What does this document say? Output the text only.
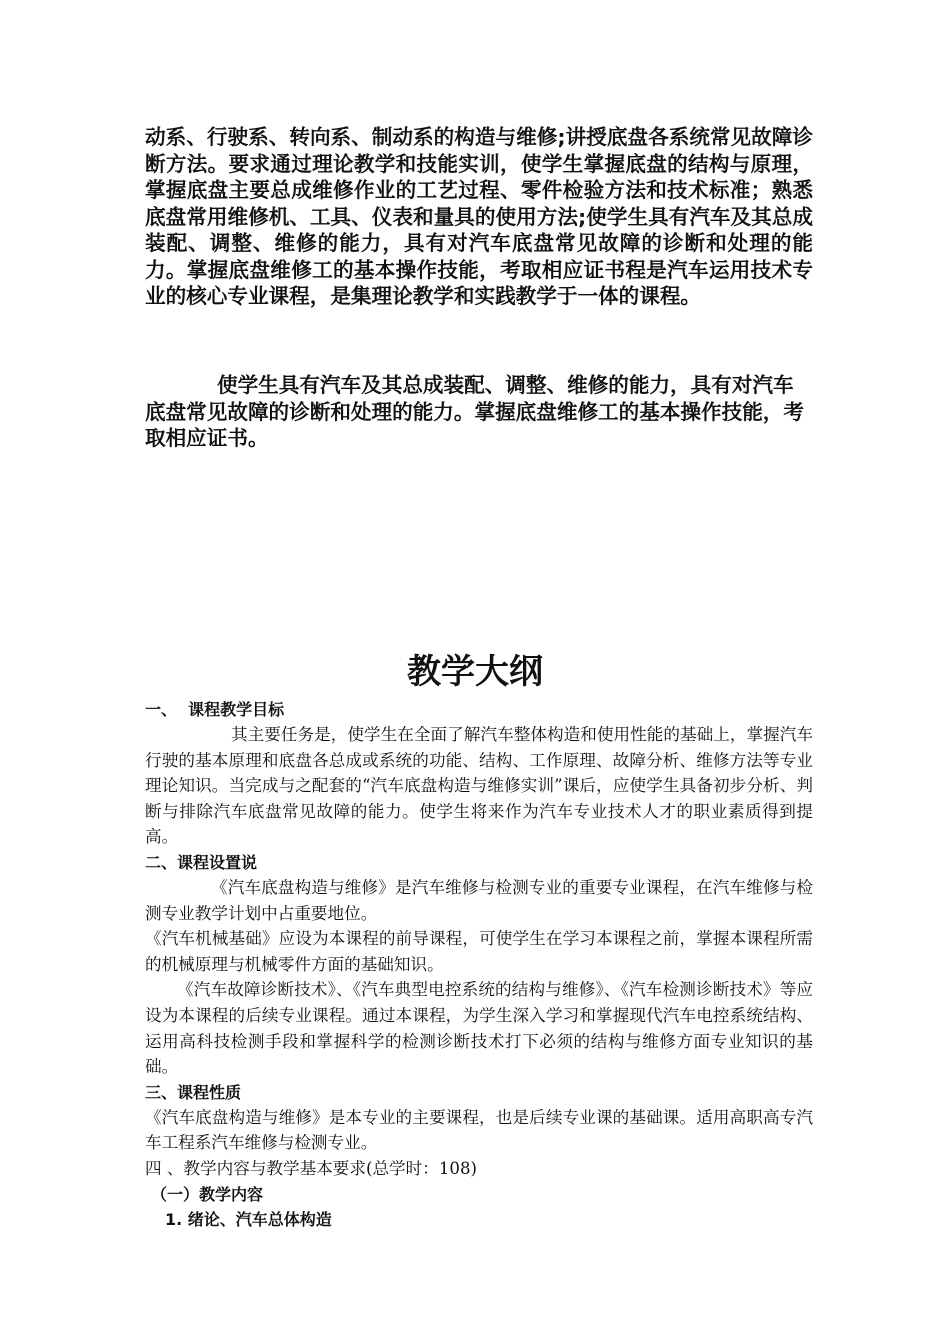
动系、行驶系、转向系、制动系的构造与维修;讲授底盘各系统常见故障诊断方法。要求通过理论教学和技能实训，使学生掌握底盘的结构与原理，掌握底盘主要总成维修作业的工艺过程、零件检验方法和技术标准；熟悉底盘常用维修机、工具、仪表和量具的使用方法;使学生具有汽车及其总成装配、调整、维修的能力，具有对汽车底盘常见故障的诊断和处理的能力。掌握底盘维修工的基本操作技能，考取相应证书程是汽车运用技术专业的核心专业课程，是集理论教学和实践教学于一体的课程。

使学生具有汽车及其总成装配、调整、维修的能力，具有对汽车底盘常见故障的诊断和处理的能力。掌握底盘维修工的基本操作技能，考取相应证书。

教学大纲

一、  课程教学目标

其主要任务是，使学生在全面了解汽车整体构造和使用性能的基础上，掌握汽车行驶的基本原理和底盘各总成或系统的功能、结构、工作原理、故障分析、维修方法等专业理论知识。当完成与之配套的“汽车底盘构造与维修实训”课后，应使学生具备初步分析、判断与排除汽车底盘常见故障的能力。使学生将来作为汽车专业技术人才的职业素质得到提高。

二、课程设置说

《汽车底盘构造与维修》是汽车维修与检测专业的重要专业课程，在汽车维修与检测专业教学计划中占重要地位。

《汽车机械基础》应设为本课程的前导课程，可使学生在学习本课程之前，掌握本课程所需的机械原理与机械零件方面的基础知识。

《汽车故障诊断技术》、《汽车典型电控系统的结构与维修》、《汽车检测诊断技术》等应设为本课程的后续专业课程。通过本课程，为学生深入学习和掌握现代汽车电控系统结构、运用高科技检测手段和掌握科学的检测诊断技术打下必须的结构与维修方面专业知识的基础。

三、课程性质

《汽车底盘构造与维修》是本专业的主要课程，也是后续专业课的基础课。适用高职高专汽车工程系汽车维修与检测专业。

四 、教学内容与教学基本要求(总学时：108)

（一）教学内容

1. 绪论、汽车总体构造
